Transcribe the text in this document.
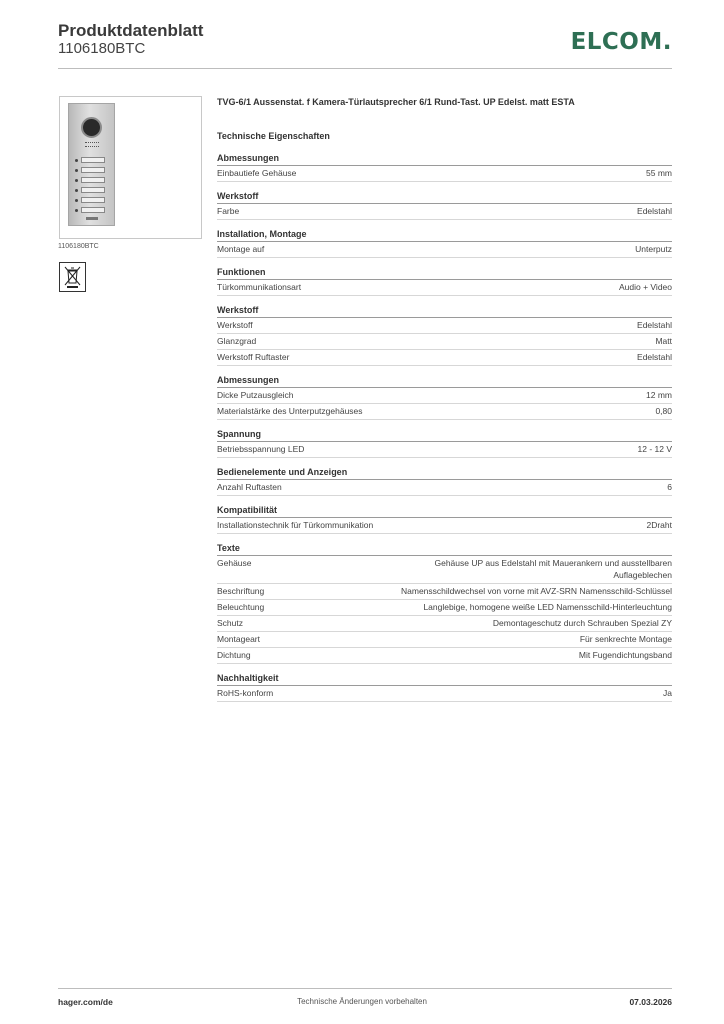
Produktdatenblatt
1106180BTC	ELCOM.
1106180BTC
TVG-6/1 Aussenstat. f Kamera-Türlautsprecher 6/1 Rund-Tast. UP Edelst. matt ESTA
Technische Eigenschaften
Abmessungen
Einbautiefe Gehäuse	55 mm
Werkstoff
Farbe	Edelstahl
Installation, Montage
Montage auf	Unterputz
Funktionen
Türkommunikationsart	Audio + Video
Werkstoff
Werkstoff	Edelstahl
Glanzgrad	Matt
Werkstoff Ruftaster	Edelstahl
Abmessungen
Dicke Putzausgleich	12 mm
Materialstärke des Unterputzgehäuses	0,80
Spannung
Betriebsspannung LED	12 - 12 V
Bedienelemente und Anzeigen
Anzahl Ruftasten	6
Kompatibilität
Installationstechnik für Türkommunikation	2Draht
Texte
Gehäuse	Gehäuse UP aus Edelstahl mit Mauerankern und ausstellbaren Auflageblechen
Beschriftung	Namensschildwechsel von vorne mit AVZ-SRN Namensschild-Schlüssel
Beleuchtung	Langlebige, homogene weiße LED Namensschild-Hinterleuchtung
Schutz	Demontageschutz durch Schrauben Spezial ZY
Montageart	Für senkrechte Montage
Dichtung	Mit Fugendichtungsband
Nachhaltigkeit
RoHS-konform	Ja
hager.com/de	Technische Änderungen vorbehalten	07.03.2026
